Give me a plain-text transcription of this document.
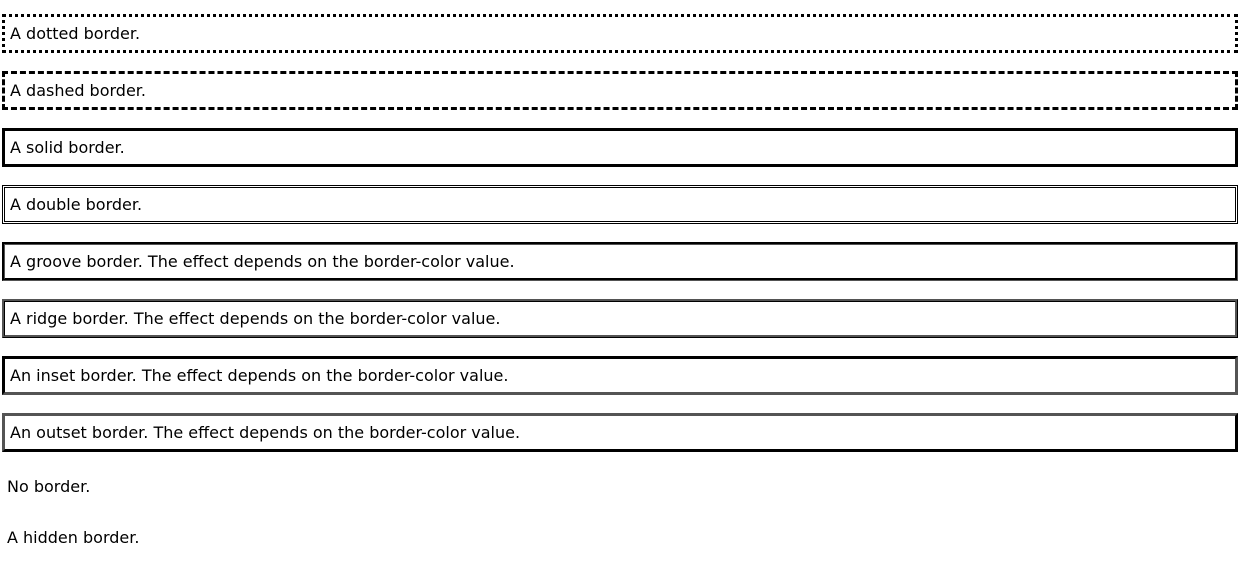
A dotted border.

A dashed border.

A solid border.

A double border.

A groove border. The effect depends on the border-color value.

A ridge border. The effect depends on the border-color value.

An inset border. The effect depends on the border-color value.

An outset border. The effect depends on the border-color value.

No border.

A hidden border.
